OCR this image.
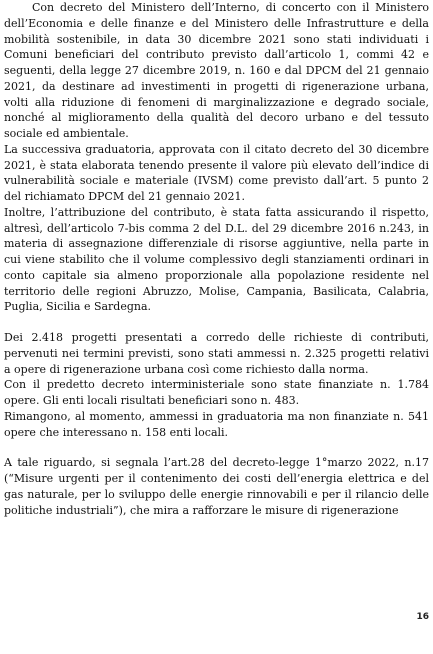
Con decreto del Ministero dell’Interno, di concerto con il Ministero dell’Economia e delle finanze e del Ministero delle Infrastrutture e della mobilità sostenibile, in data 30 dicembre 2021 sono stati individuati i Comuni beneficiari del contributo previsto dall’articolo 1, commi 42 e seguenti, della legge 27 dicembre 2019, n. 160 e dal DPCM del 21 gennaio 2021, da destinare ad investimenti in progetti di rigenerazione urbana, volti alla riduzione di fenomeni di marginalizzazione e degrado sociale, nonché al miglioramento della qualità del decoro urbano e del tessuto sociale ed ambientale.

La successiva graduatoria, approvata con il citato decreto del 30 dicembre 2021, è stata elaborata tenendo presente il valore più elevato dell’indice di vulnerabilità sociale e materiale (IVSM) come previsto dall’art. 5 punto 2 del richiamato DPCM del 21 gennaio 2021.

Inoltre, l’attribuzione del contributo, è stata fatta assicurando il rispetto, altresì, dell’articolo 7-bis comma 2 del D.L. del 29 dicembre 2016 n.243, in materia di assegnazione differenziale di risorse aggiuntive, nella parte in cui viene stabilito che il volume complessivo degli stanziamenti ordinari in conto capitale sia almeno proporzionale alla popolazione residente nel territorio delle regioni Abruzzo, Molise, Campania, Basilicata, Calabria, Puglia, Sicilia e Sardegna.

Dei 2.418 progetti presentati a corredo delle richieste di contributi, pervenuti nei termini previsti, sono stati ammessi n. 2.325 progetti relativi a opere di rigenerazione urbana così come richiesto dalla norma.

Con il predetto decreto interministeriale sono state finanziate n. 1.784 opere. Gli enti locali risultati beneficiari sono n. 483.

Rimangono, al momento, ammessi in graduatoria ma non finanziate n. 541 opere che interessano n. 158 enti locali.

A tale riguardo, si segnala l’art.28 del decreto-legge 1°marzo 2022, n.17 (“Misure urgenti per il contenimento dei costi dell’energia elettrica e del gas naturale, per lo sviluppo delle energie rinnovabili e per il rilancio delle politiche industriali”), che mira a rafforzare le misure di rigenerazione

16
